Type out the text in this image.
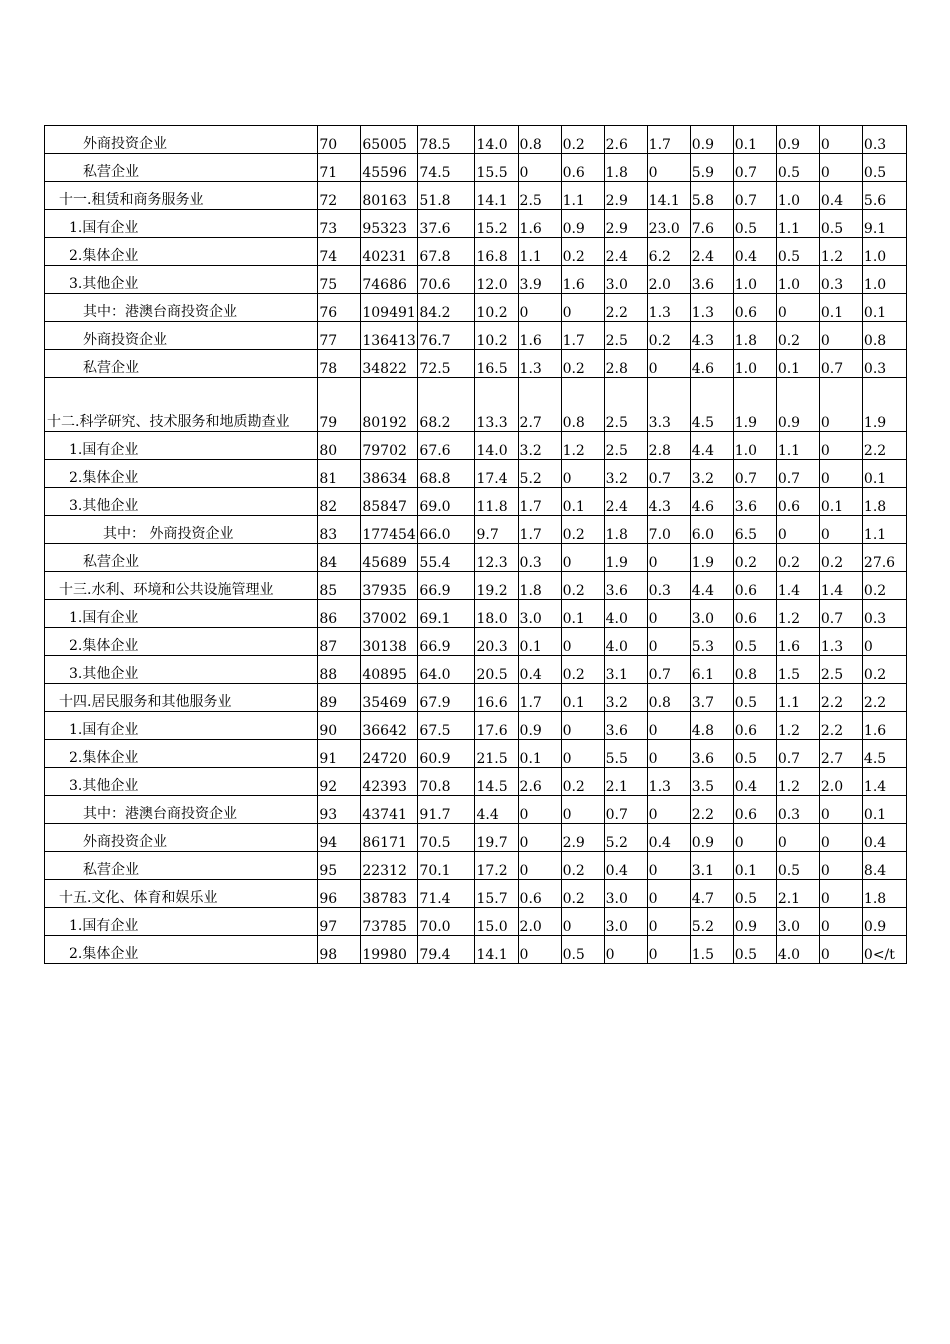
外商投资企业	70	65005	78.5	14.0	0.8	0.2	2.6	1.7	0.9	0.1	0.9	0	0.3

私营企业	71	45596	74.5	15.5	0	0.6	1.8	0	5.9	0.7	0.5	0	0.5

十一.租赁和商务服务业	72	80163	51.8	14.1	2.5	1.1	2.9	14.1	5.8	0.7	1.0	0.4	5.6

1.国有企业	73	95323	37.6	15.2	1.6	0.9	2.9	23.0	7.6	0.5	1.1	0.5	9.1

2.集体企业	74	40231	67.8	16.8	1.1	0.2	2.4	6.2	2.4	0.4	0.5	1.2	1.0

3.其他企业	75	74686	70.6	12.0	3.9	1.6	3.0	2.0	3.6	1.0	1.0	0.3	1.0

其中：港澳台商投资企业	76	109491	84.2	10.2	0	0	2.2	1.3	1.3	0.6	0	0.1	0.1

外商投资企业	77	136413	76.7	10.2	1.6	1.7	2.5	0.2	4.3	1.8	0.2	0	0.8

私营企业	78	34822	72.5	16.5	1.3	0.2	2.8	0	4.6	1.0	0.1	0.7	0.3

十二.科学研究、技术服务和地质勘查业	79	80192	68.2	13.3	2.7	0.8	2.5	3.3	4.5	1.9	0.9	0	1.9

1.国有企业	80	79702	67.6	14.0	3.2	1.2	2.5	2.8	4.4	1.0	1.1	0	2.2

2.集体企业	81	38634	68.8	17.4	5.2	0	3.2	0.7	3.2	0.7	0.7	0	0.1

3.其他企业	82	85847	69.0	11.8	1.7	0.1	2.4	4.3	4.6	3.6	0.6	0.1	1.8

其中： 外商投资企业	83	177454	66.0	9.7	1.7	0.2	1.8	7.0	6.0	6.5	0	0	1.1

私营企业	84	45689	55.4	12.3	0.3	0	1.9	0	1.9	0.2	0.2	0.2	27.6

十三.水利、环境和公共设施管理业	85	37935	66.9	19.2	1.8	0.2	3.6	0.3	4.4	0.6	1.4	1.4	0.2

1.国有企业	86	37002	69.1	18.0	3.0	0.1	4.0	0	3.0	0.6	1.2	0.7	0.3

2.集体企业	87	30138	66.9	20.3	0.1	0	4.0	0	5.3	0.5	1.6	1.3	0

3.其他企业	88	40895	64.0	20.5	0.4	0.2	3.1	0.7	6.1	0.8	1.5	2.5	0.2

十四.居民服务和其他服务业	89	35469	67.9	16.6	1.7	0.1	3.2	0.8	3.7	0.5	1.1	2.2	2.2

1.国有企业	90	36642	67.5	17.6	0.9	0	3.6	0	4.8	0.6	1.2	2.2	1.6

2.集体企业	91	24720	60.9	21.5	0.1	0	5.5	0	3.6	0.5	0.7	2.7	4.5

3.其他企业	92	42393	70.8	14.5	2.6	0.2	2.1	1.3	3.5	0.4	1.2	2.0	1.4

其中：港澳台商投资企业	93	43741	91.7	4.4	0	0	0.7	0	2.2	0.6	0.3	0	0.1

外商投资企业	94	86171	70.5	19.7	0	2.9	5.2	0.4	0.9	0	0	0	0.4

私营企业	95	22312	70.1	17.2	0	0.2	0.4	0	3.1	0.1	0.5	0	8.4

十五.文化、体育和娱乐业	96	38783	71.4	15.7	0.6	0.2	3.0	0	4.7	0.5	2.1	0	1.8

1.国有企业	97	73785	70.0	15.0	2.0	0	3.0	0	5.2	0.9	3.0	0	0.9

2.集体企业	98	19980	79.4	14.1	0	0.5	0	0	1.5	0.5	4.0	0	0</t
